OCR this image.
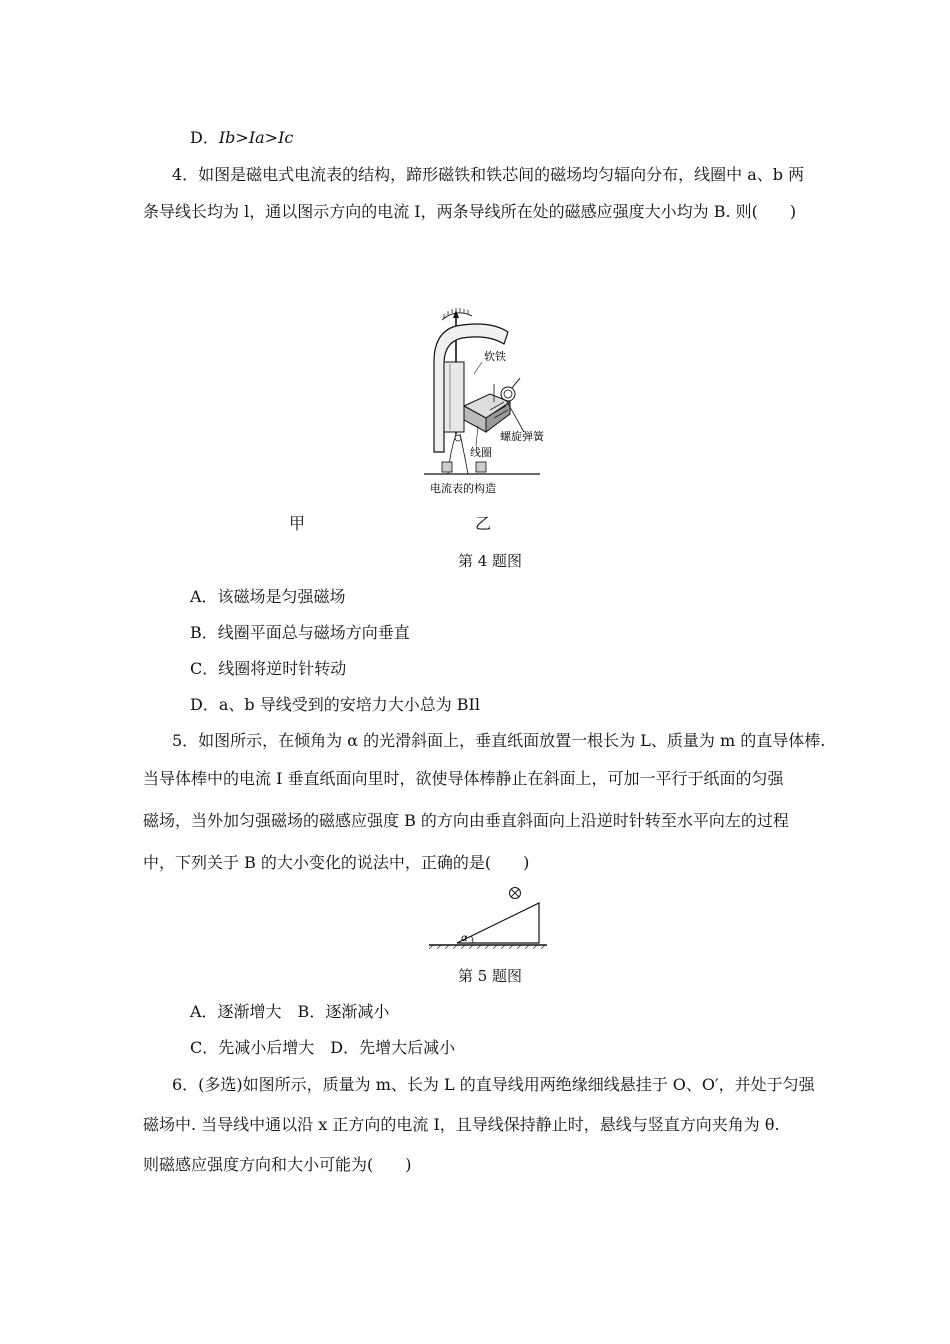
D．Ib>Ia>Ic
4．如图是磁电式电流表的结构，蹄形磁铁和铁芯间的磁场均匀辐向分布，线圈中 a、b 两
条导线长均为 l，通以图示方向的电流 I，两条导线所在处的磁感应强度大小均为 B. 则(　　)
软铁
螺旋弹簧
线圈
电流表的构造
甲	乙
第 4 题图
A．该磁场是匀强磁场
B．线圈平面总与磁场方向垂直
C．线圈将逆时针转动
D．a、b 导线受到的安培力大小总为 BIl
5．如图所示，在倾角为 α 的光滑斜面上，垂直纸面放置一根长为 L、质量为 m 的直导体棒.
当导体棒中的电流 I 垂直纸面向里时，欲使导体棒静止在斜面上，可加一平行于纸面的匀强
磁场，当外加匀强磁场的磁感应强度 B 的方向由垂直斜面向上沿逆时针转至水平向左的过程
中，下列关于 B 的大小变化的说法中，正确的是(　　)
α
第 5 题图
A．逐渐增大　B．逐渐减小
C．先减小后增大　D．先增大后减小
6．(多选)如图所示，质量为 m、长为 L 的直导线用两绝缘细线悬挂于 O、O′，并处于匀强
磁场中. 当导线中通以沿 x 正方向的电流 I，且导线保持静止时，悬线与竖直方向夹角为 θ.
则磁感应强度方向和大小可能为(　　)
